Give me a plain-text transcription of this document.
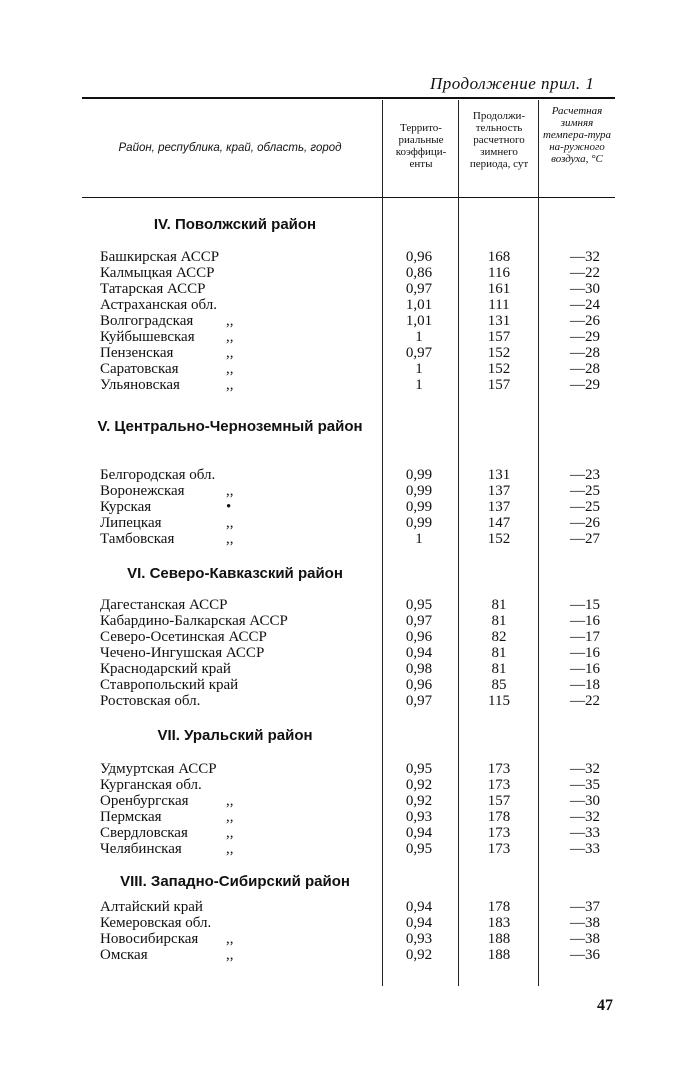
Продолжение прил. 1
Район, республика, край, область, город
Террито-риальные коэффици-енты
Продолжи-тельность расчетного зимнего периода, сут
Расчетная зимняя темпера-тура на-ружного воздуха, °С
IV. Поволжский район
Башкирская АССР	0,96	168	—32
Калмыцкая АССР	0,86	116	—22
Татарская АССР	0,97	161	—30
Астраханская обл.	1,01	111	—24
Волгоградская ,,	1,01	131	—26
Куйбышевская ,,	1	157	—29
Пензенская	,,	0,97	152	—28
Саратовская	,,	1	152	—28
Ульяновская	,,	1	157	—29
V. Центрально-Черноземный район
Белгородская обл.	0,99	131	—23
Воронежская	,,	0,99	137	—25
Курская	•	0,99	137	—25
Липецкая	,,	0,99	147	—26
Тамбовская	,,	1	152	—27
VI. Северо-Кавказский район
Дагестанская АССР	0,95	81	—15
Кабардино-Балкарская АССР	0,97	81	—16
Северо-Осетинская АССР	0,96	82	—17
Чечено-Ингушская АССР	0,94	81	—16
Краснодарский край	0,98	81	—16
Ставропольский край	0,96	85	—18
Ростовская обл.	0,97	115	—22
VII. Уральский район
Удмуртская АССР	0,95	173	—32
Курганская обл.	0,92	173	—35
Оренбургская ,,	0,92	157	—30
Пермская	,,	0,93	178	—32
Свердловская	,,	0,94	173	—33
Челябинская	,,	0,95	173	—33
VIII. Западно-Сибирский район
Алтайский край	0,94	178	—37
Кемеровская обл.	0,94	183	—38
Новосибирская ,,	0,93	188	—38
Омская	,,	0,92	188	—36
47
